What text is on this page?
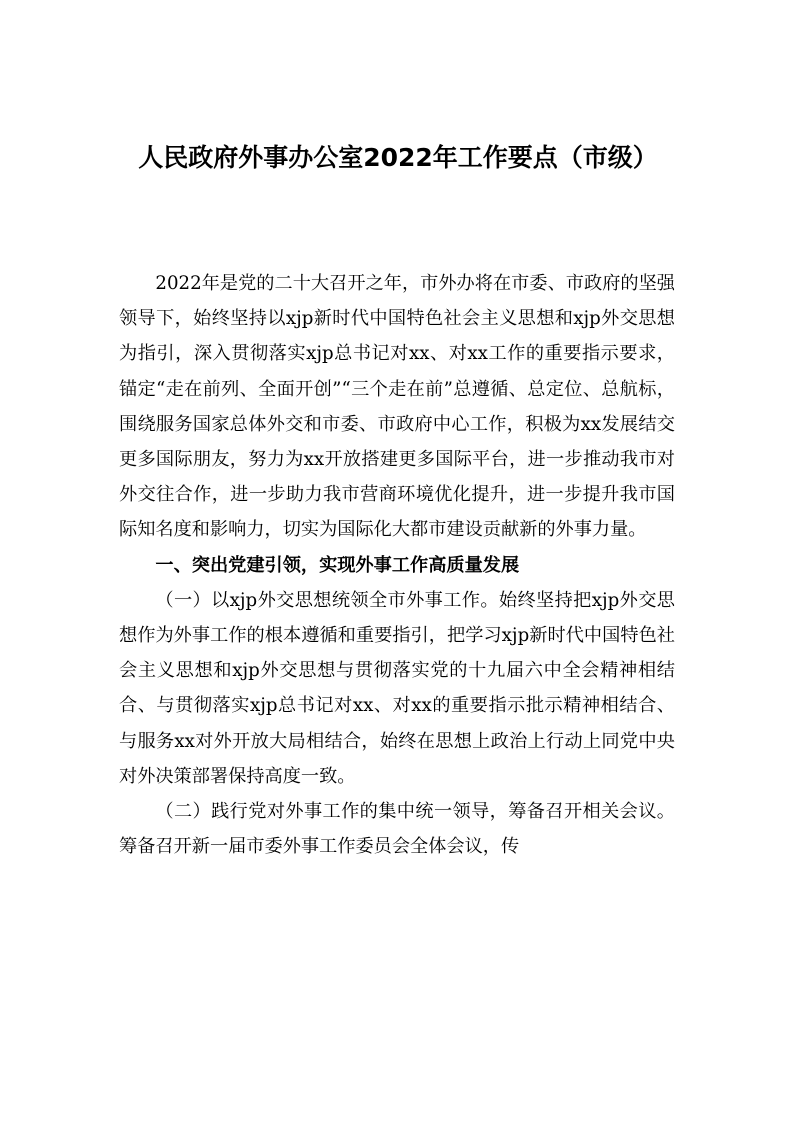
人民政府外事办公室2022年工作要点（市级）

2022年是党的二十大召开之年，市外办将在市委、市政府的坚强领导下，始终坚持以xjp新时代中国特色社会主义思想和xjp外交思想为指引，深入贯彻落实xjp总书记对xx、对xx工作的重要指示要求，锚定“走在前列、全面开创”“三个走在前”总遵循、总定位、总航标，围绕服务国家总体外交和市委、市政府中心工作，积极为xx发展结交更多国际朋友，努力为xx开放搭建更多国际平台，进一步推动我市对外交往合作，进一步助力我市营商环境优化提升，进一步提升我市国际知名度和影响力，切实为国际化大都市建设贡献新的外事力量。

一、突出党建引领，实现外事工作高质量发展

（一）以xjp外交思想统领全市外事工作。始终坚持把xjp外交思想作为外事工作的根本遵循和重要指引，把学习xjp新时代中国特色社会主义思想和xjp外交思想与贯彻落实党的十九届六中全会精神相结合、与贯彻落实xjp总书记对xx、对xx的重要指示批示精神相结合、与服务xx对外开放大局相结合，始终在思想上政治上行动上同党中央对外决策部署保持高度一致。

（二）践行党对外事工作的集中统一领导，筹备召开相关会议。筹备召开新一届市委外事工作委员会全体会议，传
